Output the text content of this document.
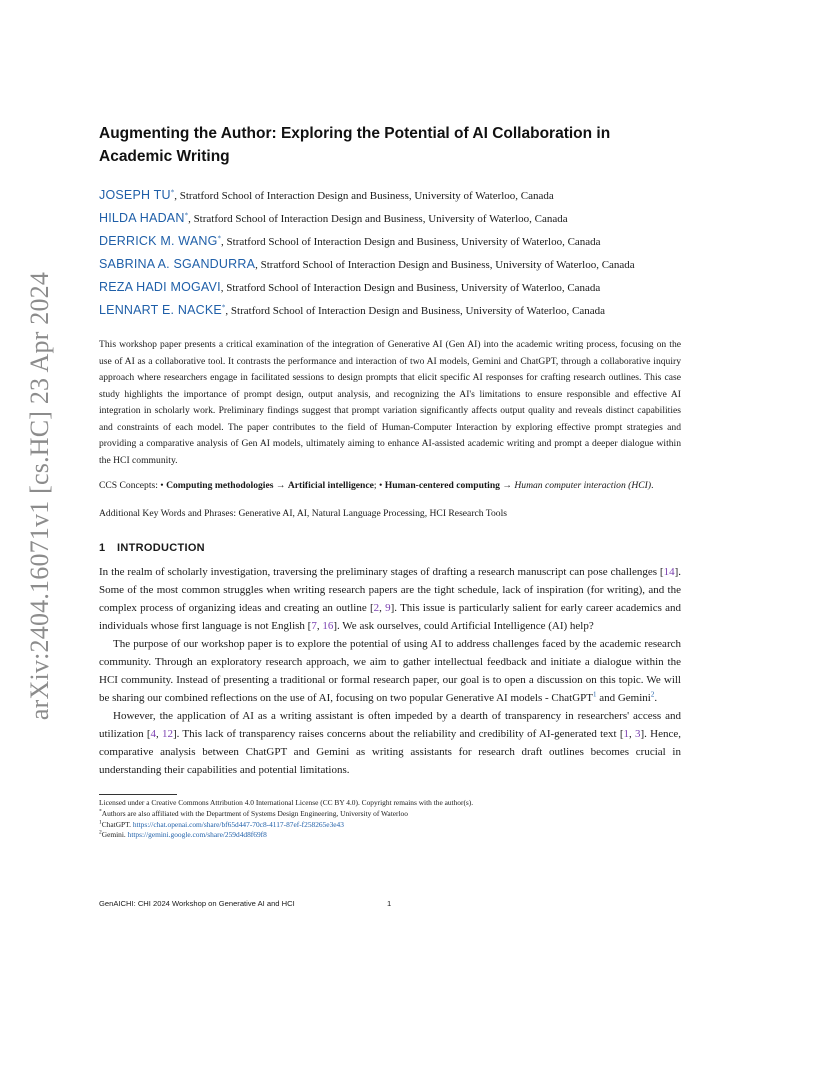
arXiv:2404.16071v1 [cs.HC] 23 Apr 2024
Augmenting the Author: Exploring the Potential of AI Collaboration in Academic Writing
JOSEPH TU*, Stratford School of Interaction Design and Business, University of Waterloo, Canada
HILDA HADAN*, Stratford School of Interaction Design and Business, University of Waterloo, Canada
DERRICK M. WANG*, Stratford School of Interaction Design and Business, University of Waterloo, Canada
SABRINA A. SGANDURRA, Stratford School of Interaction Design and Business, University of Waterloo, Canada
REZA HADI MOGAVI, Stratford School of Interaction Design and Business, University of Waterloo, Canada
LENNART E. NACKE*, Stratford School of Interaction Design and Business, University of Waterloo, Canada

This workshop paper presents a critical examination of the integration of Generative AI (Gen AI) into the academic writing process, focusing on the use of AI as a collaborative tool. It contrasts the performance and interaction of two AI models, Gemini and ChatGPT, through a collaborative inquiry approach where researchers engage in facilitated sessions to design prompts that elicit specific AI responses for crafting research outlines. This case study highlights the importance of prompt design, output analysis, and recognizing the AI's limitations to ensure responsible and effective AI integration in scholarly work. Preliminary findings suggest that prompt variation significantly affects output quality and reveals distinct capabilities and constraints of each model. The paper contributes to the field of Human-Computer Interaction by exploring effective prompt strategies and providing a comparative analysis of Gen AI models, ultimately aiming to enhance AI-assisted academic writing and prompt a deeper dialogue within the HCI community.

CCS Concepts: • Computing methodologies → Artificial intelligence; • Human-centered computing → Human computer interaction (HCI).

Additional Key Words and Phrases: Generative AI, AI, Natural Language Processing, HCI Research Tools

1 INTRODUCTION

In the realm of scholarly investigation, traversing the preliminary stages of drafting a research manuscript can pose challenges [14]. Some of the most common struggles when writing research papers are the tight schedule, lack of inspiration (for writing), and the complex process of organizing ideas and creating an outline [2, 9]. This issue is particularly salient for early career academics and individuals whose first language is not English [7, 16]. We ask ourselves, could Artificial Intelligence (AI) help?

The purpose of our workshop paper is to explore the potential of using AI to address challenges faced by the academic research community. Through an exploratory research approach, we aim to gather intellectual feedback and initiate a dialogue within the HCI community. Instead of presenting a traditional or formal research paper, our goal is to open a discussion on this topic. We will be sharing our combined reflections on the use of AI, focusing on two popular Generative AI models - ChatGPT$^1$ and Gemini$^2$.

However, the application of AI as a writing assistant is often impeded by a dearth of transparency in researchers' access and utilization [4, 12]. This lack of transparency raises concerns about the reliability and credibility of AI-generated text [1, 3]. Hence, comparative analysis between ChatGPT and Gemini as writing assistants for research draft outlines becomes crucial in understanding their capabilities and potential limitations.

Licensed under a Creative Commons Attribution 4.0 International License (CC BY 4.0). Copyright remains with the author(s).
*Authors are also affiliated with the Department of Systems Design Engineering, University of Waterloo
$^1$ChatGPT. https://chat.openai.com/share/bf65d447-70c8-4117-87ef-f258265e3e43
$^2$Gemini. https://gemini.google.com/share/259d4d8f69f8
GenAICHI: CHI 2024 Workshop on Generative AI and HCI	1
